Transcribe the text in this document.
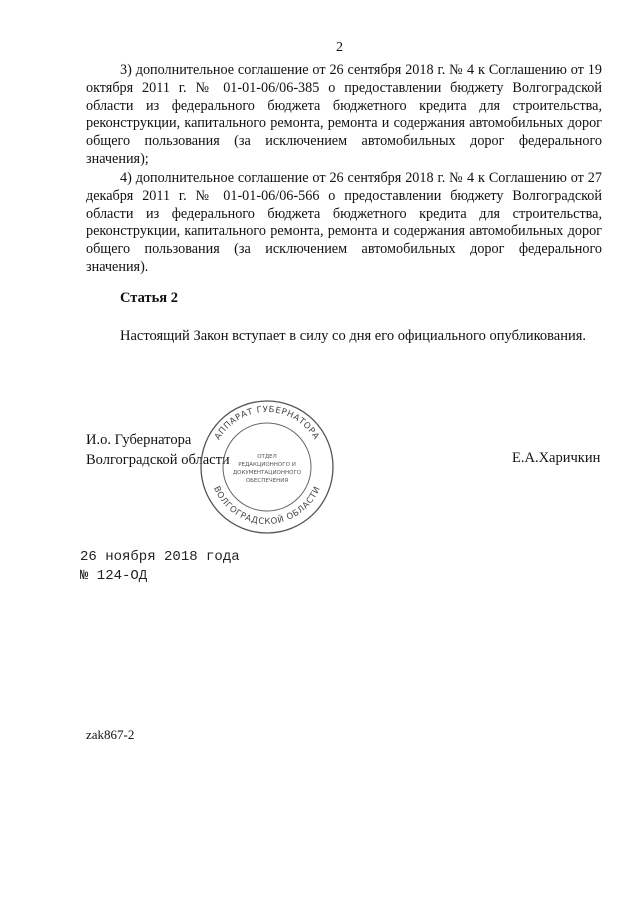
2

3) дополнительное соглашение от 26 сентября 2018 г. № 4 к Соглашению от 19 октября 2011 г. № 01-01-06/06-385 о предоставлении бюджету Волгоградской области из федерального бюджета бюджетного кредита для строительства, реконструкции, капитального ремонта, ремонта и содержания автомобильных дорог общего пользования (за исключением автомобильных дорог федерального значения);

4) дополнительное соглашение от 26 сентября 2018 г. № 4 к Соглашению от 27 декабря 2011 г. № 01-01-06/06-566 о предоставлении бюджету Волгоградской области из федерального бюджета бюджетного кредита для строительства, реконструкции, капитального ремонта, ремонта и содержания автомобильных дорог общего пользования (за исключением автомобильных дорог федерального значения).

Статья 2
Настоящий Закон вступает в силу со дня его официального опубликования.
И.о. Губернатора
Волгоградской области
АППАРАТ ГУБЕРНАТОРА
ВОЛГОГРАДСКОЙ ОБЛАСТИ
ОТДЕЛ
РЕДАКЦИОННОГО И
ДОКУМЕНТАЦИОННОГО
ОБЕСПЕЧЕНИЯ
Е.А.Харичкин
26 ноября 2018 года
№ 124-ОД
zak867-2
